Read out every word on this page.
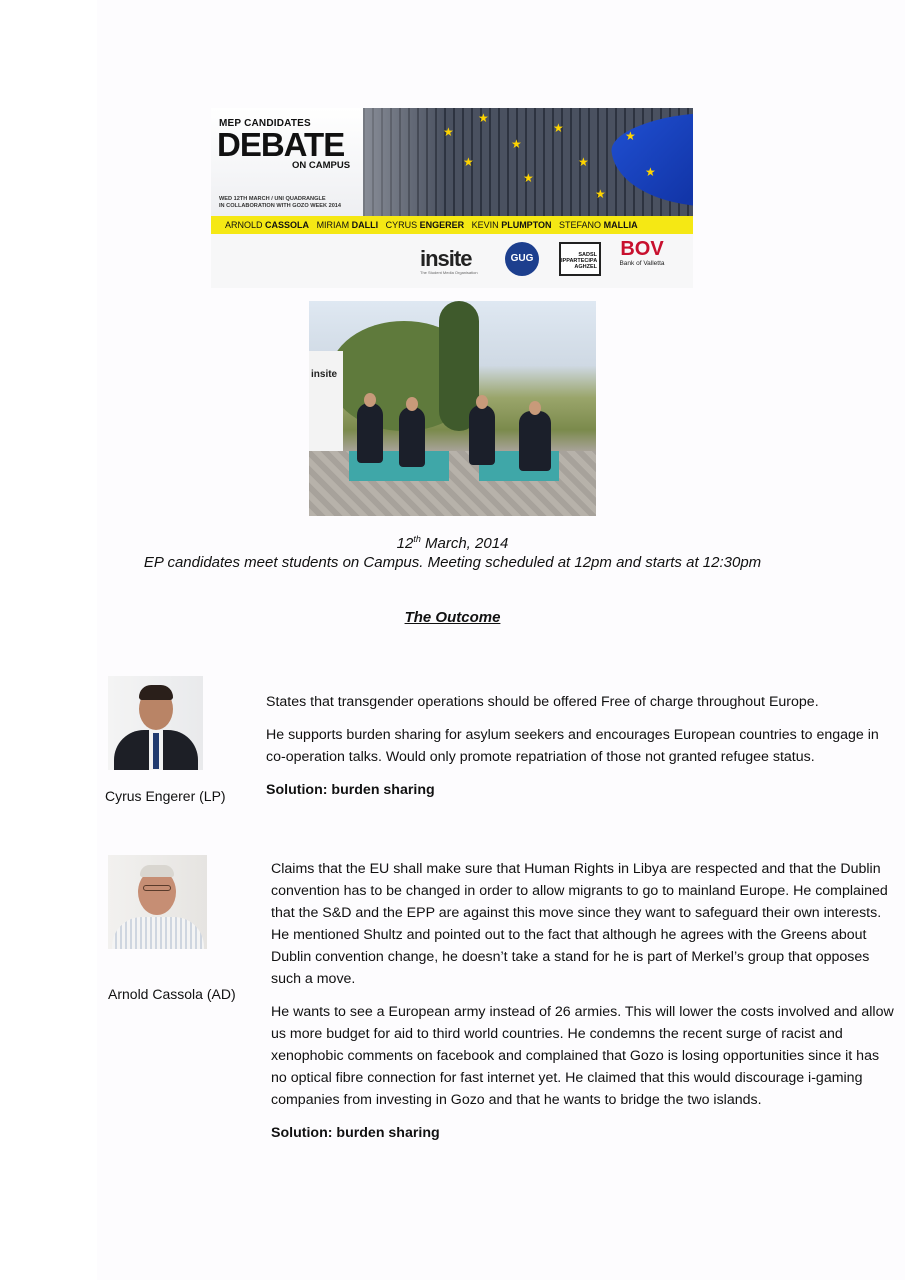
MEP CANDIDATES
DEBATE
ON CAMPUS
WED 12TH MARCH / UNI QUADRANGLE
IN COLLABORATION WITH GOZO WEEK 2014
★
★
★
★
★
★
★
★
★
★
ARNOLD CASSOLA MIRIAM DALLI CYRUS ENGERER KEVIN PLUMPTON STEFANO MALLIA
insite
The Student Media Organisation
GUG	SADSL IPPARTECIPA AGHZEL
BOV
Bank of Valletta
insite
12th March, 2014
EP candidates meet students on Campus. Meeting scheduled at 12pm and starts at 12:30pm
The Outcome
Cyrus Engerer (LP)

States that transgender operations should be offered Free of charge throughout Europe.

He supports burden sharing for asylum seekers and encourages European countries to engage in co-operation talks. Would only promote repatriation of those not granted refugee status.

Solution: burden sharing

Arnold Cassola (AD)

Claims that the EU shall make sure that Human Rights in Libya are respected and that the Dublin convention has to be changed in order to allow migrants to go to mainland Europe. He complained that the S&D and the EPP are against this move since they want to safeguard their own interests. He mentioned Shultz and pointed out to the fact that although he agrees with the Greens about Dublin convention change, he doesn’t take a stand for he is part of Merkel’s group that opposes such a move.

He wants to see a European army instead of 26 armies. This will lower the costs involved and allow us more budget for aid to third world countries. He condemns the recent surge of racist and xenophobic comments on facebook and complained that Gozo is losing opportunities since it has no optical fibre connection for fast internet yet. He claimed that this would discourage i-gaming companies from investing in Gozo and that he wants to bridge the two islands.

Solution: burden sharing
